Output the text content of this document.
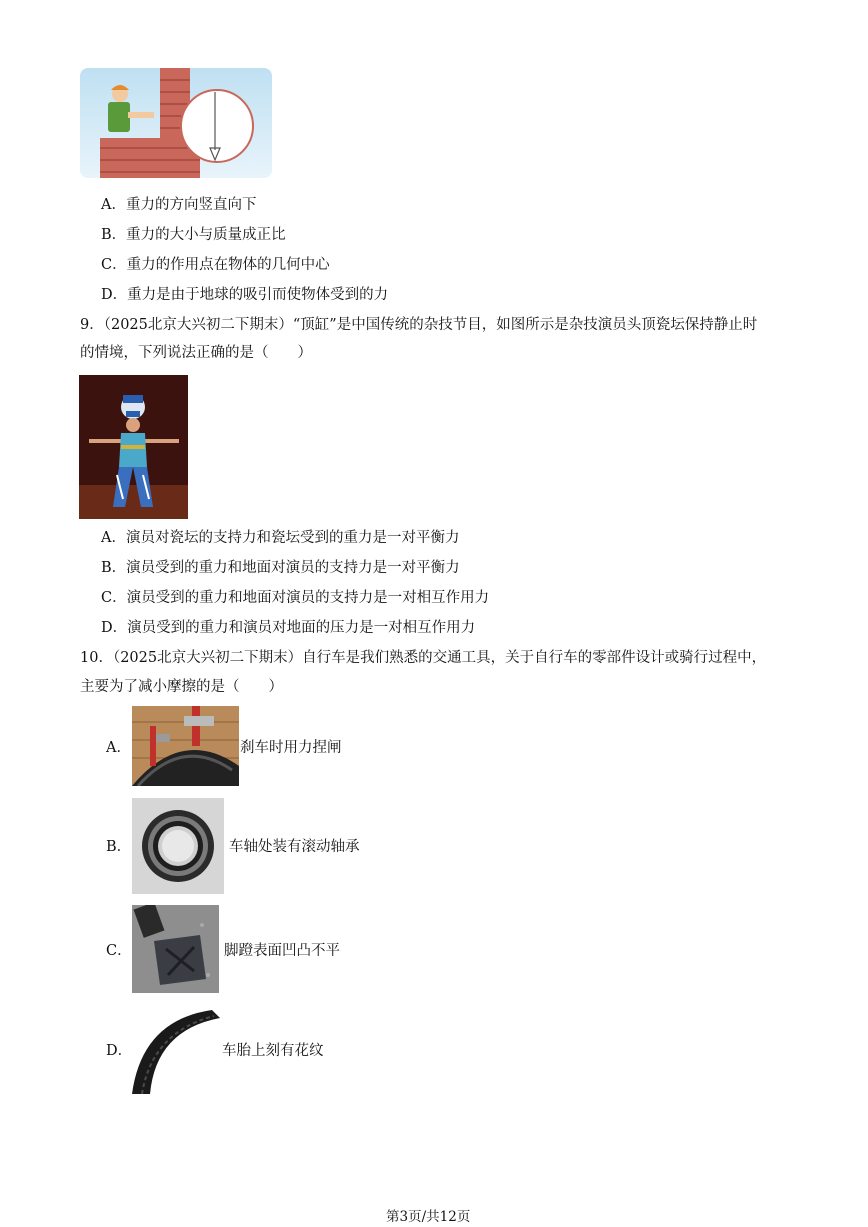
A．重力的方向竖直向下
B．重力的大小与质量成正比
C．重力的作用点在物体的几何中心
D．重力是由于地球的吸引而使物体受到的力
9．（2025北京大兴初二下期末）“顶缸”是中国传统的杂技节目，如图所示是杂技演员头顶瓷坛保持静止时
的情境，下列说法正确的是（　　）
A．演员对瓷坛的支持力和瓷坛受到的重力是一对平衡力
B．演员受到的重力和地面对演员的支持力是一对平衡力
C．演员受到的重力和地面对演员的支持力是一对相互作用力
D．演员受到的重力和演员对地面的压力是一对相互作用力
10．（2025北京大兴初二下期末）自行车是我们熟悉的交通工具，关于自行车的零部件设计或骑行过程中，
主要为了减小摩擦的是（　　）
A．	刹车时用力捏闸
B．	车轴处装有滚动轴承
C．	脚蹬表面凹凸不平
D．	车胎上刻有花纹
第3页/共12页
